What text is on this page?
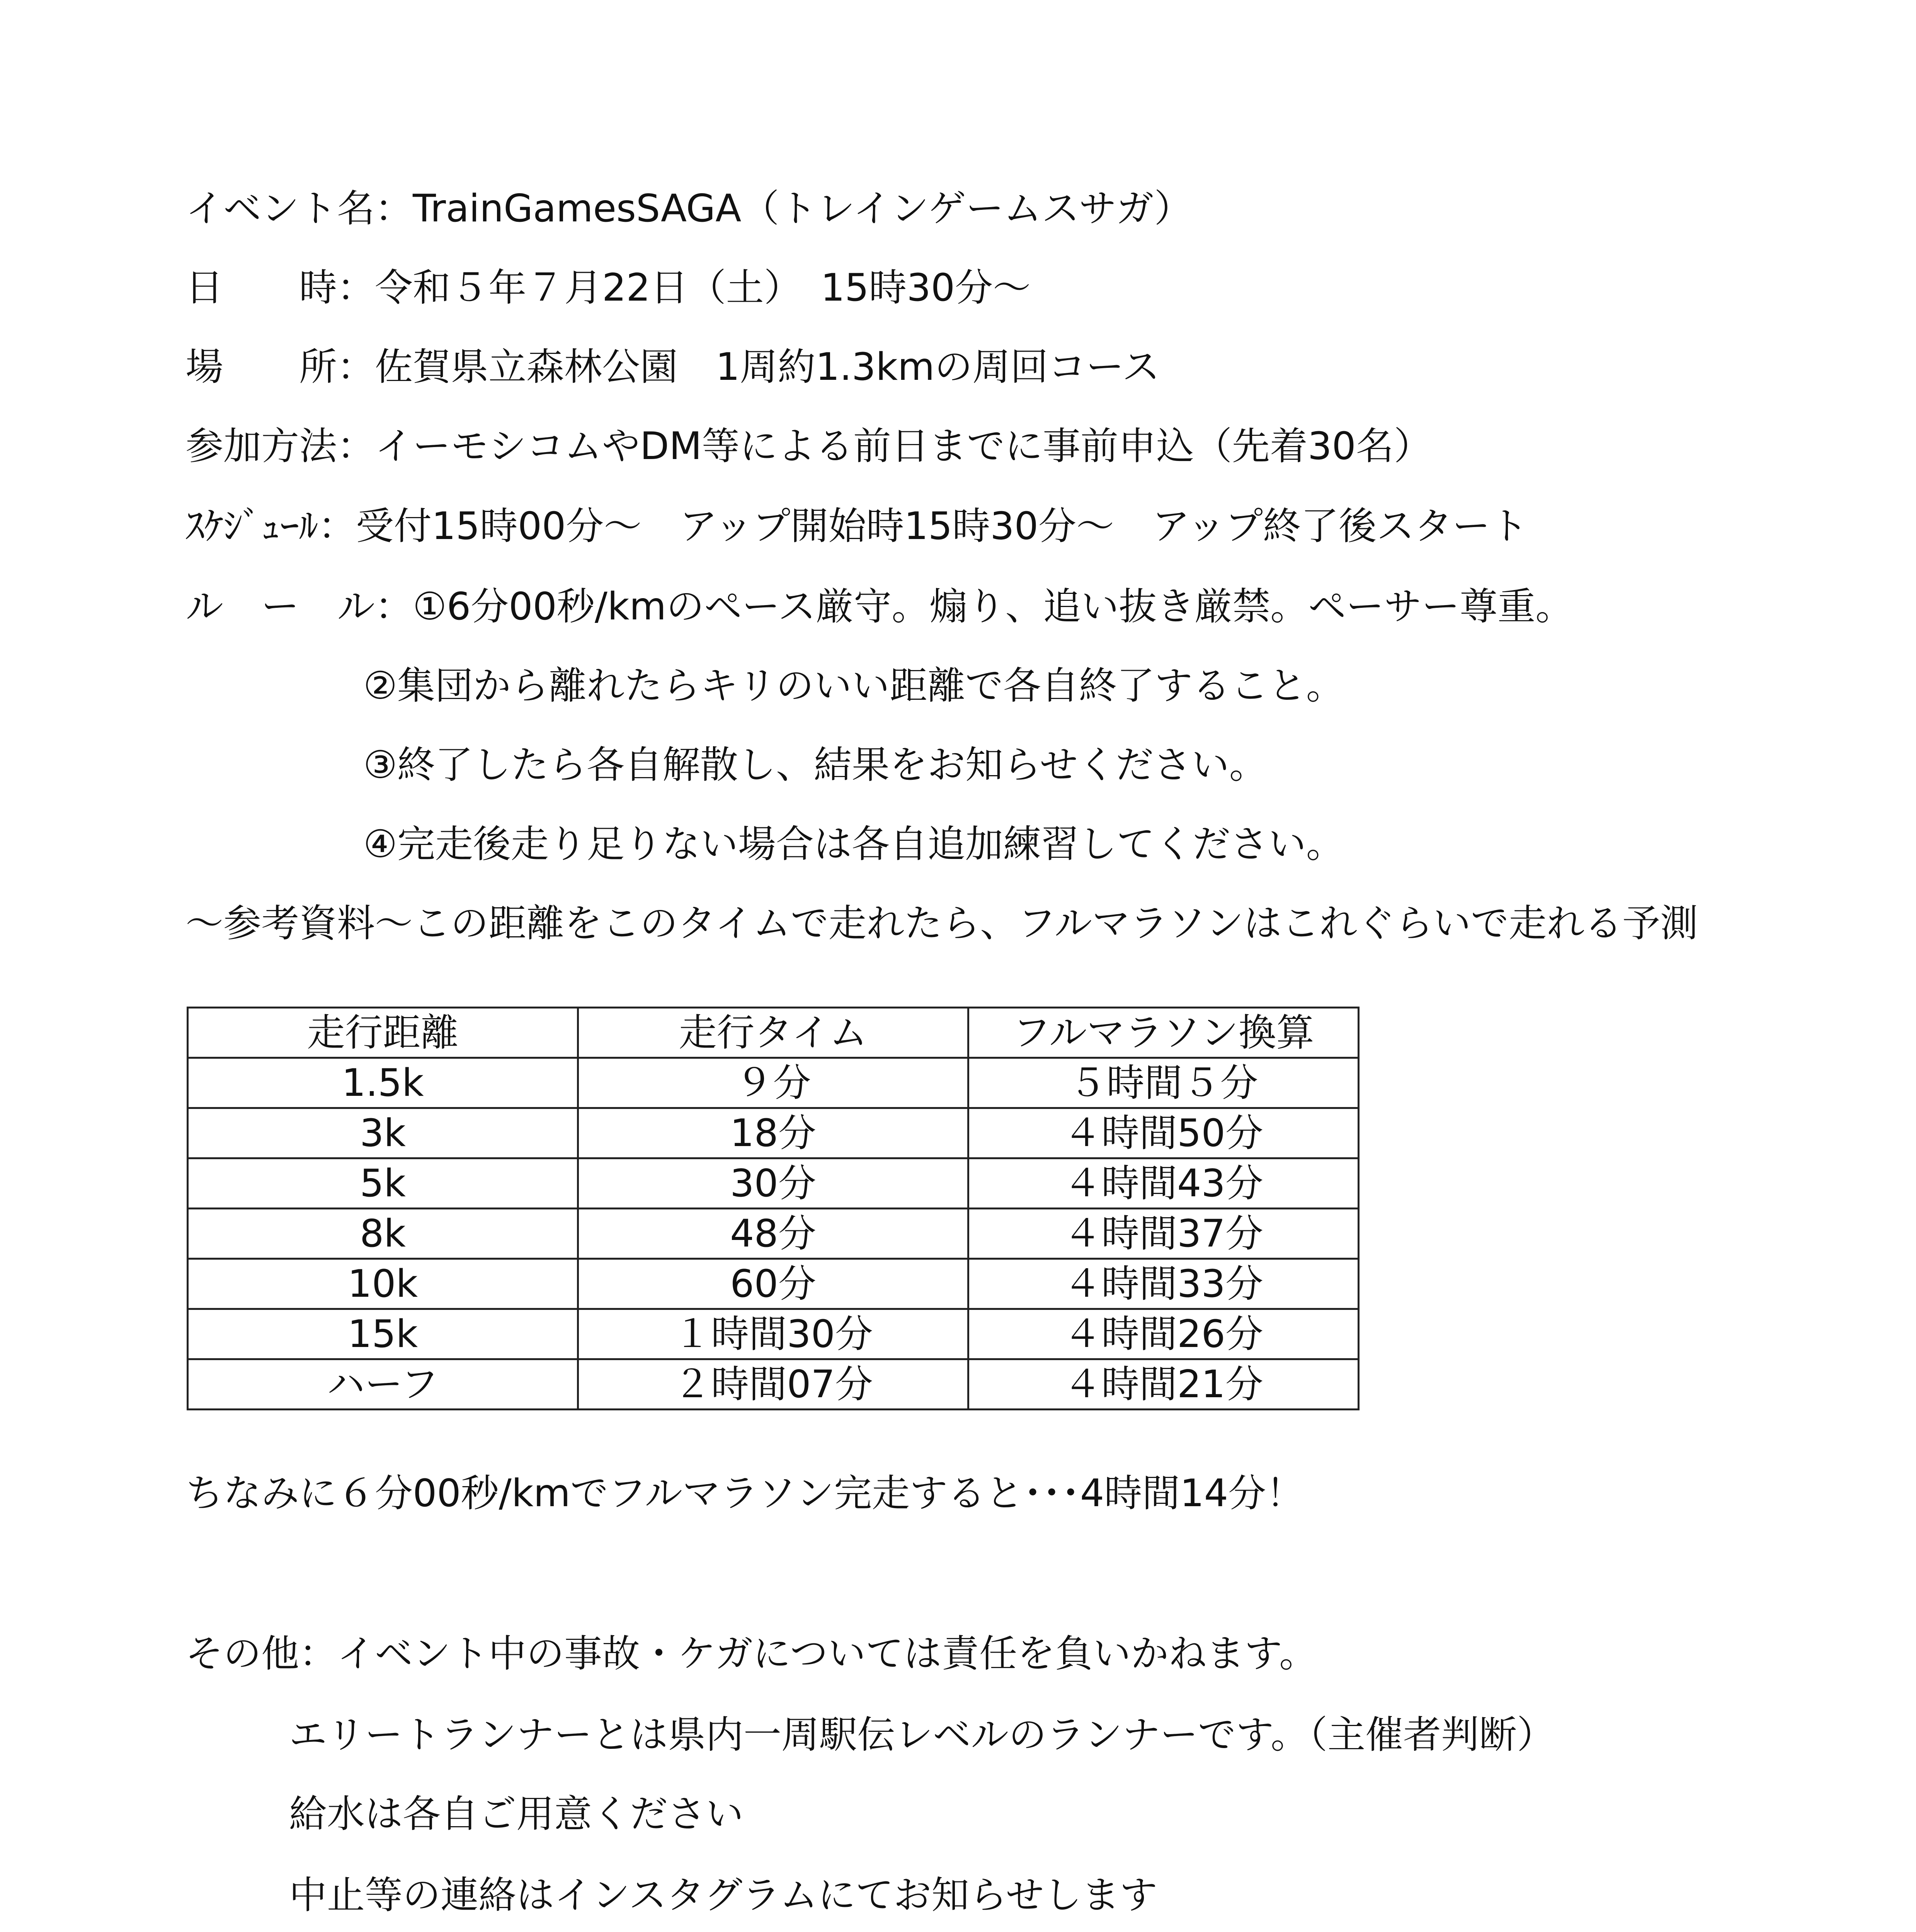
イベント名：TrainGamesSAGA（トレインゲームスサガ）
日　　時：令和５年７月22日（土）　15時30分～
場　　所：佐賀県立森林公園　1周約1.3kmの周回コース
参加方法：イーモシコムやDM等による前日までに事前申込（先着30名）
ｽｹｼﾞｭｰﾙ：受付15時00分～　アップ開始時15時30分～　アップ終了後スタート
ル　ー　ル：①6分00秒/kmのペース厳守。煽り、追い抜き厳禁。ペーサー尊重。
②集団から離れたらキリのいい距離で各自終了すること。
③終了したら各自解散し、結果をお知らせください。
④完走後走り足りない場合は各自追加練習してください。
～参考資料～この距離をこのタイムで走れたら、フルマラソンはこれぐらいで走れる予測
走行距離	走行タイム	フルマラソン換算
1.5k	９分	５時間５分
3k	18分	４時間50分
5k	30分	４時間43分
8k	48分	４時間37分
10k	60分	４時間33分
15k	１時間30分	４時間26分
ハーフ	２時間07分	４時間21分
ちなみに６分00秒/kmでフルマラソン完走すると･･･4時間14分！
その他：イベント中の事故・ケガについては責任を負いかねます。
エリートランナーとは県内一周駅伝レベルのランナーです。（主催者判断）
給水は各自ご用意ください
中止等の連絡はインスタグラムにてお知らせします
